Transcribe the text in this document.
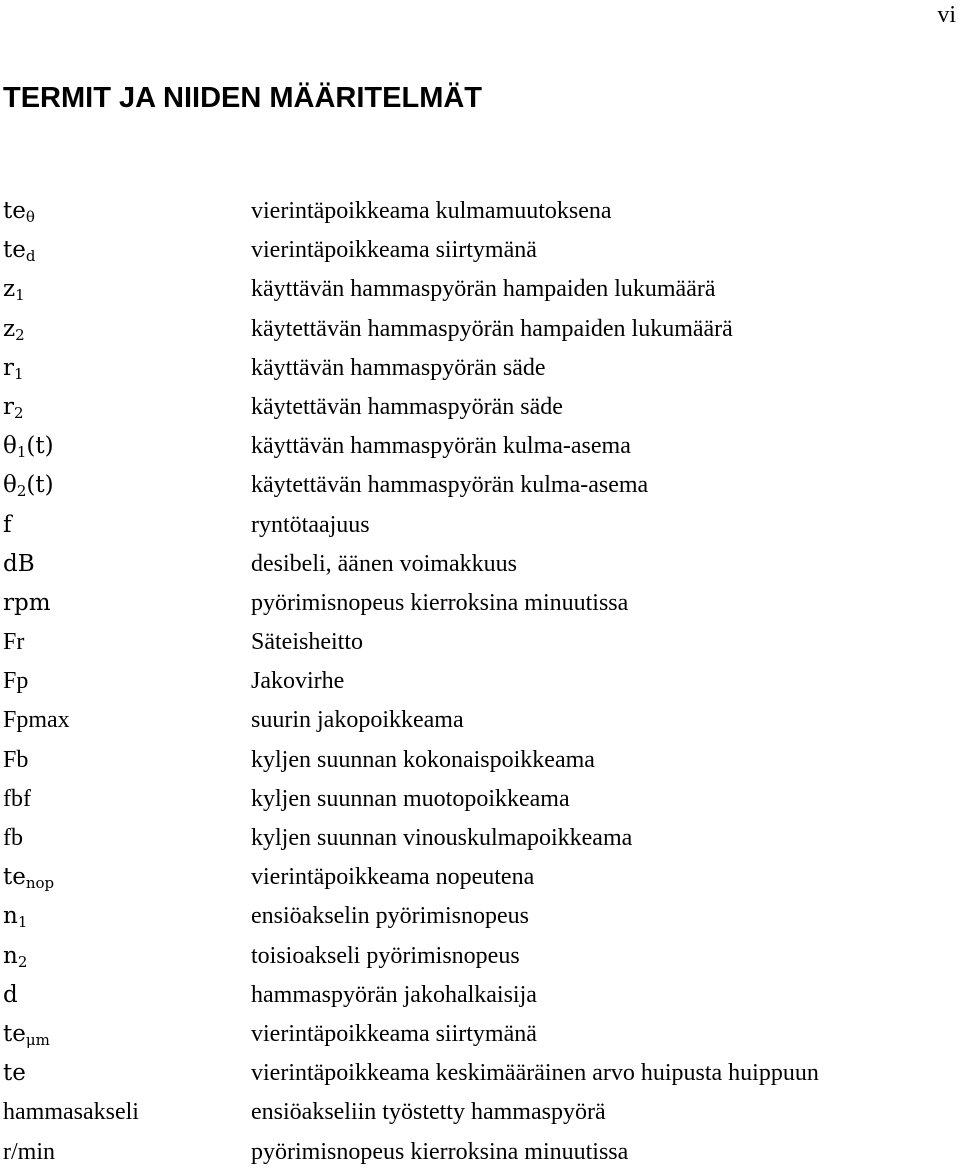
vi
TERMIT JA NIIDEN MÄÄRITELMÄT
$te_\theta$	vierintäpoikkeama kulmamuutoksena
$te_d$	vierintäpoikkeama siirtymänä
$z_1$	käyttävän hammaspyörän hampaiden lukumäärä
$z_2$	käytettävän hammaspyörän hampaiden lukumäärä
$r_1$	käyttävän hammaspyörän säde
$r_2$	käytettävän hammaspyörän säde
$\theta_1(t)$	käyttävän hammaspyörän kulma-asema
$\theta_2(t)$	käytettävän hammaspyörän kulma-asema
f	ryntötaajuus
dB	desibeli, äänen voimakkuus
rpm	pyörimisnopeus kierroksina minuutissa
Fr	Säteisheitto
Fp	Jakovirhe
Fpmax	suurin jakopoikkeama
Fb	kyljen suunnan kokonaispoikkeama
fbf	kyljen suunnan muotopoikkeama
fb	kyljen suunnan vinouskulmapoikkeama
$te_{nop}$	vierintäpoikkeama nopeutena
$n_1$	ensiöakselin pyörimisnopeus
$n_2$	toisioakseli pyörimisnopeus
d	hammaspyörän jakohalkaisija
$te_{\mu m}$	vierintäpoikkeama siirtymänä
te	vierintäpoikkeama keskimääräinen arvo huipusta huippuun
hammasakseli	ensiöakseliin työstetty hammaspyörä
r/min	pyörimisnopeus kierroksina minuutissa
